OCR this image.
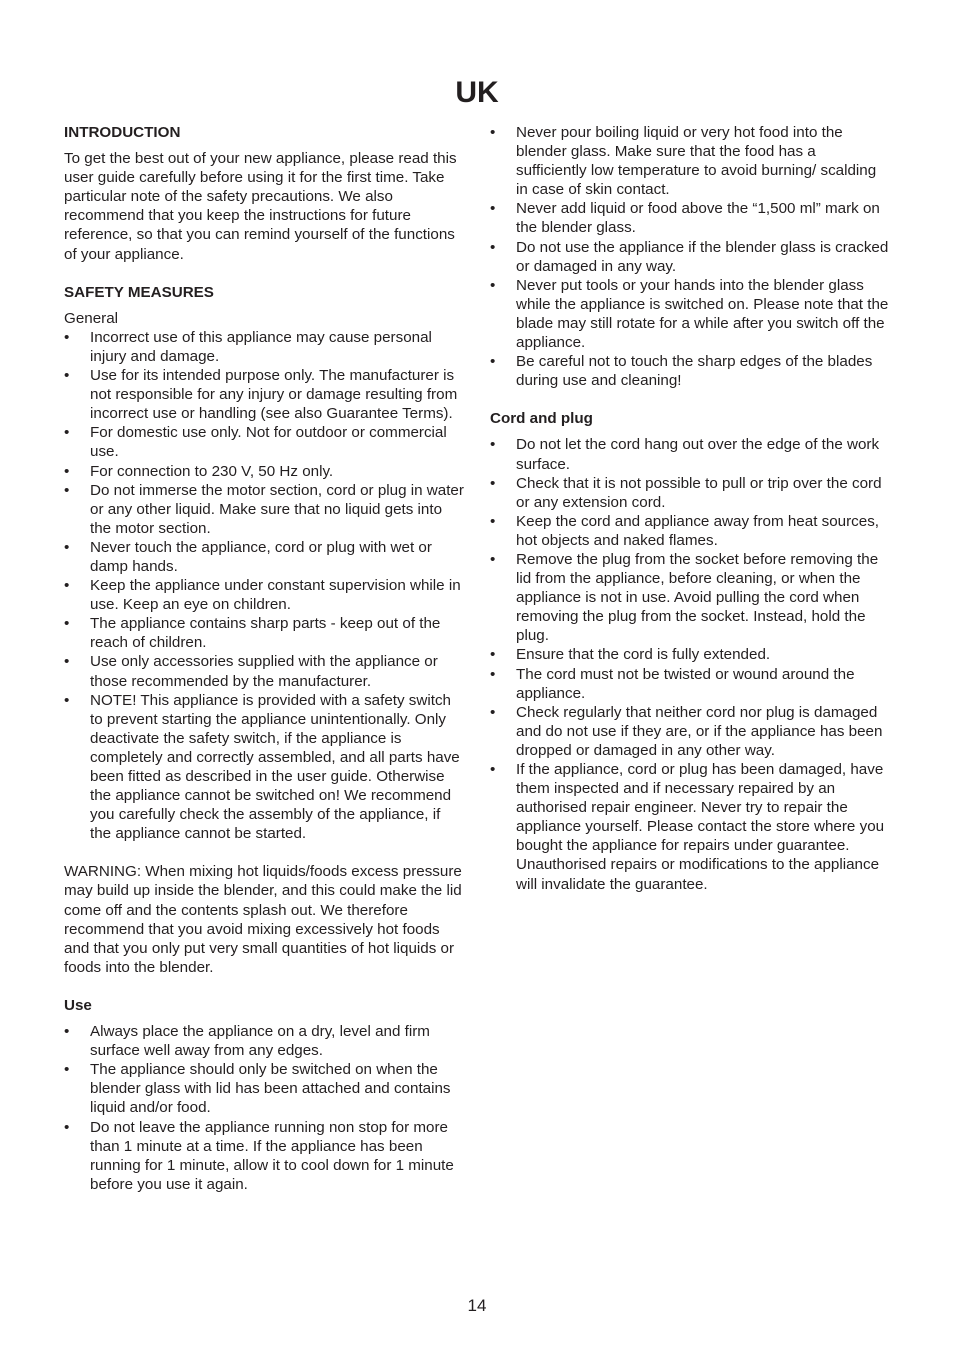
UK

INTRODUCTION

To get the best out of your new appliance, please read this user guide carefully before using it for the first time. Take particular note of the safety precautions. We also recommend that you keep the instructions for future reference, so that you can remind yourself of the functions of your appliance.

SAFETY MEASURES

General

• Incorrect use of this appliance may cause personal injury and damage.
• Use for its intended purpose only. The manufacturer is not responsible for any injury or damage resulting from incorrect use or handling (see also Guarantee Terms).
• For domestic use only. Not for outdoor or commercial use.
• For connection to 230 V, 50 Hz only.
• Do not immerse the motor section, cord or plug in water or any other liquid. Make sure that no liquid gets into the motor section.
• Never touch the appliance, cord or plug with wet or damp hands.
• Keep the appliance under constant supervision while in use. Keep an eye on children.
• The appliance contains sharp parts - keep out of the reach of children.
• Use only accessories supplied with the appliance or those recommended by the manufacturer.
• NOTE! This appliance is provided with a safety switch to prevent starting the appliance unintentionally. Only deactivate the safety switch, if the appliance is completely and correctly assembled, and all parts have been fitted as described in the user guide. Otherwise the appliance cannot be switched on! We recommend you carefully check the assembly of the appliance, if the appliance cannot be started.

WARNING: When mixing hot liquids/foods excess pressure may build up inside the blender, and this could make the lid come off and the contents splash out. We therefore recommend that you avoid mixing excessively hot foods and that you only put very small quantities of hot liquids or foods into the blender.

Use

• Always place the appliance on a dry, level and firm surface well away from any edges.
• The appliance should only be switched on when the blender glass with lid has been attached and contains liquid and/or food.
• Do not leave the appliance running non stop for more than 1 minute at a time. If the appliance has been running for 1 minute, allow it to cool down for 1 minute before you use it again.
• Never pour boiling liquid or very hot food into the blender glass. Make sure that the food has a sufficiently low temperature to avoid burning/ scalding in case of skin contact.
• Never add liquid or food above the “1,500 ml” mark on the blender glass.
• Do not use the appliance if the blender glass is cracked or damaged in any way.
• Never put tools or your hands into the blender glass while the appliance is switched on. Please note that the blade may still rotate for a while after you switch off the appliance.
• Be careful not to touch the sharp edges of the blades during use and cleaning!

Cord and plug

• Do not let the cord hang out over the edge of the work surface.
• Check that it is not possible to pull or trip over the cord or any extension cord.
• Keep the cord and appliance away from heat sources, hot objects and naked flames.
• Remove the plug from the socket before removing the lid from the appliance, before cleaning, or when the appliance is not in use. Avoid pulling the cord when removing the plug from the socket. Instead, hold the plug.
• Ensure that the cord is fully extended.
• The cord must not be twisted or wound around the appliance.
• Check regularly that neither cord nor plug is damaged and do not use if they are, or if the appliance has been dropped or damaged in any other way.
• If the appliance, cord or plug has been damaged, have them inspected and if necessary repaired by an authorised repair engineer. Never try to repair the appliance yourself. Please contact the store where you bought the appliance for repairs under guarantee. Unauthorised repairs or modifications to the appliance will invalidate the guarantee.
14
